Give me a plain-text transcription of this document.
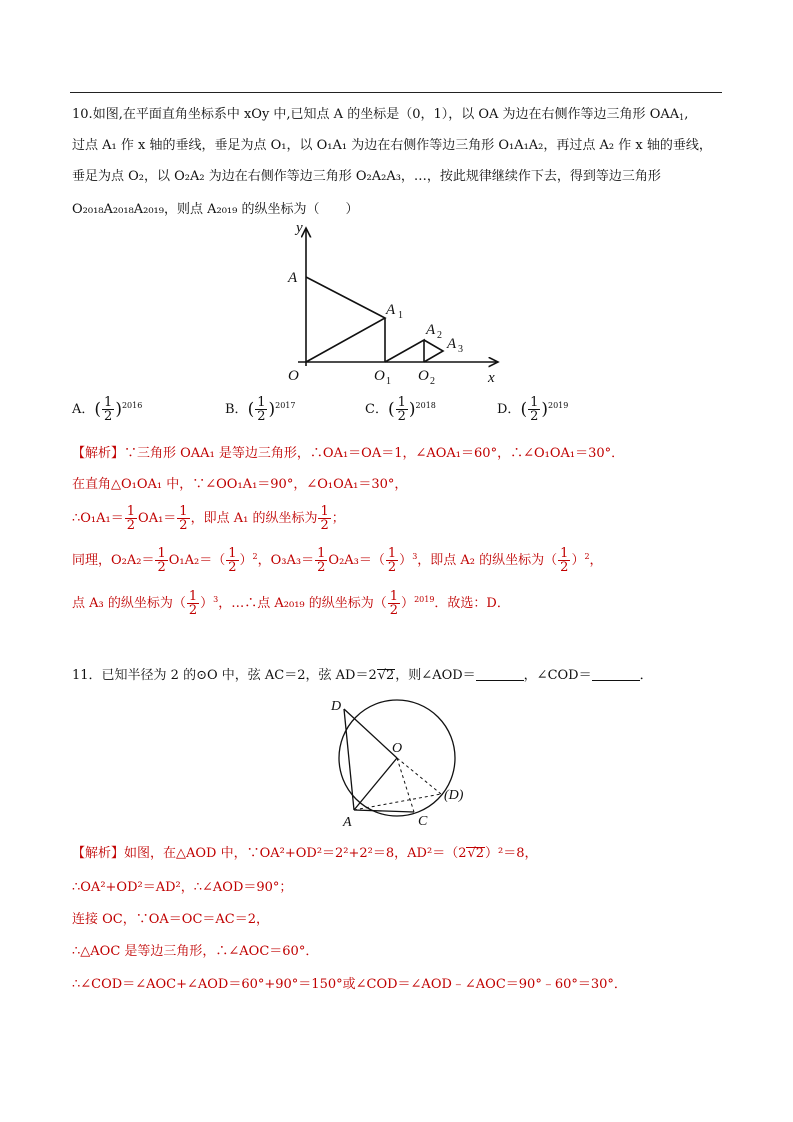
10.如图,在平面直角坐标系中 xOy 中,已知点 A 的坐标是（0，1），以 OA 为边在右侧作等边三角形 $OAA_1$,
过点 A₁ 作 x 轴的垂线，垂足为点 O₁，以 O₁A₁ 为边在右侧作等边三角形 O₁A₁A₂，再过点 A₂ 作 x 轴的垂线，
垂足为点 O₂，以 O₂A₂ 为边在右侧作等边三角形 O₂A₂A₃，…，按此规律继续作下去，得到等边三角形
O₂₀₁₈A₂₀₁₈A₂₀₁₉，则点 A₂₀₁₉ 的纵坐标为（　　）
y
A
O
A 1
A 2
A 3
O 1 O 2	x
A．( $\frac{1}{2} )^{2016}$	B．( $\frac{1}{2} )^{2017}$	C．( $\frac{1}{2} )^{2018}$	D．( $\frac{1}{2} )^{2019}$
【解析】∵三角形 OAA₁ 是等边三角形，∴OA₁＝OA＝1，∠AOA₁＝60°，∴∠O₁OA₁＝30°．
在直角△O₁OA₁ 中，∵∠OO₁A₁＝90°，∠O₁OA₁＝30°，
∴O₁A₁＝ $\frac{1}{2} OA_1= \frac{1}{2}$ ，即点 A₁ 的纵坐标为 $\frac{1}{2}$ ；
同理，$O_2A_2= \frac{1}{2} O_1A_2=( \frac{1}{2} )^2$，$O_3A_3= \frac{1}{2} O_2A_3=( \frac{1}{2} )^3$，即点 A₂ 的纵坐标为（ $\frac{1}{2} )^2$，
点 A₃ 的纵坐标为（ $\frac{1}{2} )^3$，…∴点 A₂₀₁₉ 的纵坐标为（ $\frac{1}{2} )^{2019}$．故选：D．
11．已知半径为 2 的⊙O 中，弦 AC＝2，弦 AD＝2√2，则∠AOD＝	，∠COD＝	．
D
O
A	C
(D)
【解析】如图，在△AOD 中，∵OA²+OD²＝2²+2²＝8，AD²＝（2√2）²＝8，
∴OA²+OD²＝AD²，∴∠AOD＝90°；
连接 OC，∵OA＝OC＝AC＝2，
∴△AOC 是等边三角形，∴∠AOC＝60°．
∴∠COD＝∠AOC+∠AOD＝60°+90°＝150°或∠COD＝∠AOD﹣∠AOC＝90°﹣60°＝30°．
